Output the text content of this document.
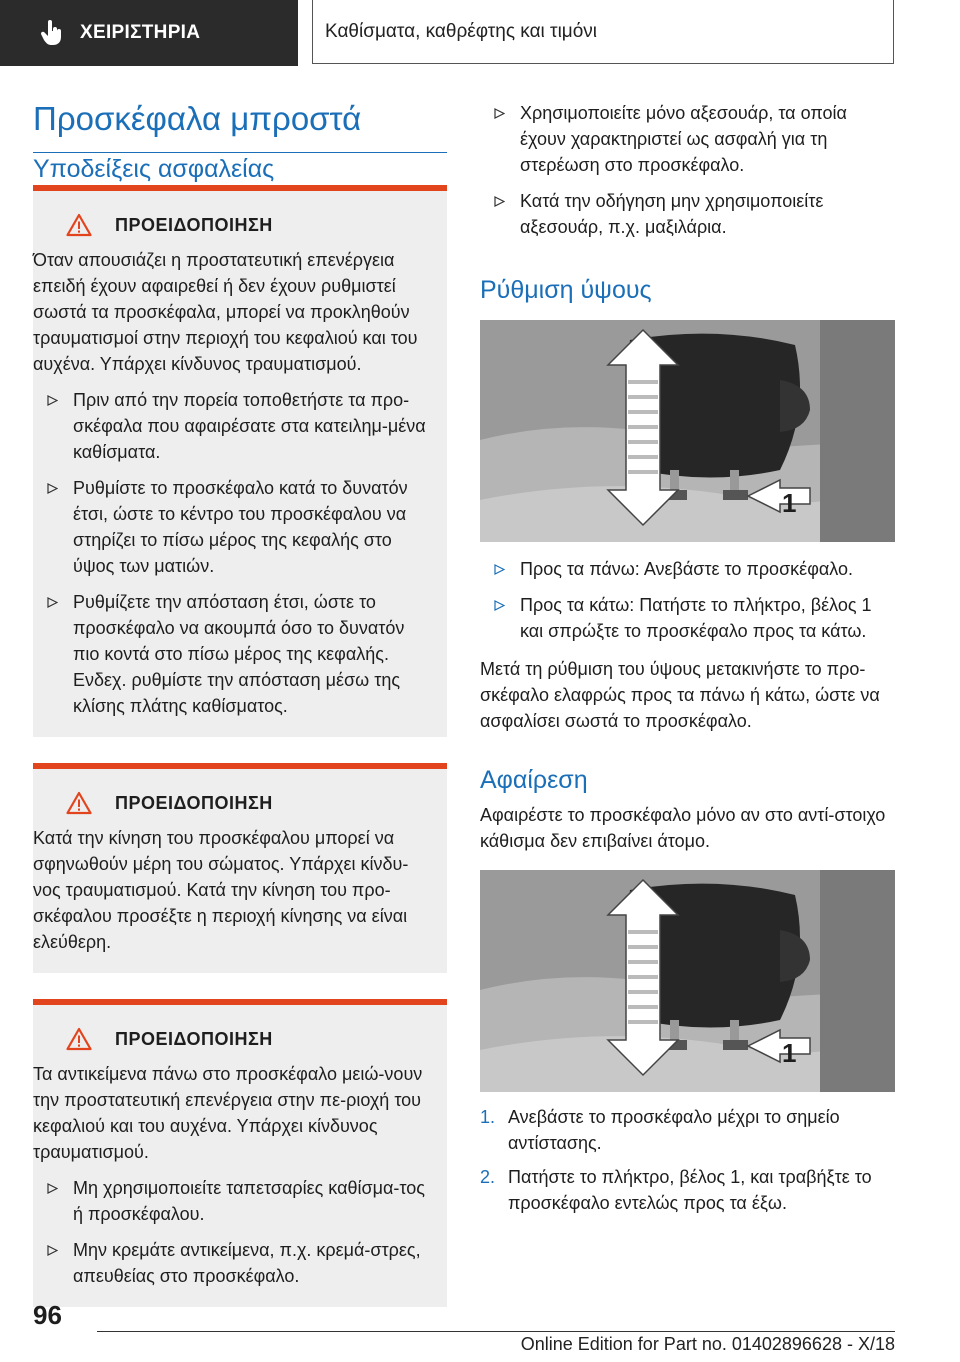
ΧΕΙΡΙΣΤΗΡΙΑ	Καθίσματα, καθρέφτης και τιμόνι
Προσκέφαλα μπροστά
Υποδείξεις ασφαλείας
ΠΡΟΕΙΔΟΠΟΙΗΣΗ

Όταν απουσιάζει η προστατευτική επενέργεια επειδή έχουν αφαιρεθεί ή δεν έχουν ρυθμιστεί σωστά τα προσκέφαλα, μπορεί να προκληθούν τραυματισμοί στην περιοχή του κεφαλιού και του αυχένα. Υπάρχει κίνδυνος τραυματισμού.

Πριν από την πορεία τοποθετήστε τα προ-σκέφαλα που αφαιρέσατε στα κατειλημ-μένα καθίσματα.
Ρυθμίστε το προσκέφαλο κατά το δυνατόν έτσι, ώστε το κέντρο του προσκέφαλου να στηρίζει το πίσω μέρος της κεφαλής στο ύψος των ματιών.
Ρυθμίζετε την απόσταση έτσι, ώστε το προσκέφαλο να ακουμπά όσο το δυνατόν πιο κοντά στο πίσω μέρος της κεφαλής. Ενδεχ. ρυθμίστε την απόσταση μέσω της κλίσης πλάτης καθίσματος.
ΠΡΟΕΙΔΟΠΟΙΗΣΗ

Κατά την κίνηση του προσκέφαλου μπορεί να σφηνωθούν μέρη του σώματος. Υπάρχει κίνδυ-νος τραυματισμού. Κατά την κίνηση του προ-σκέφαλου προσέξτε η περιοχή κίνησης να είναι ελεύθερη.

ΠΡΟΕΙΔΟΠΟΙΗΣΗ

Τα αντικείμενα πάνω στο προσκέφαλο μειώ-νουν την προστατευτική επενέργεια στην πε-ριοχή του κεφαλιού και του αυχένα. Υπάρχει κίνδυνος τραυματισμού.

Μη χρησιμοποιείτε ταπετσαρίες καθίσμα-τος ή προσκέφαλου.
Μην κρεμάτε αντικείμενα, π.χ. κρεμά-στρες, απευθείας στο προσκέφαλο.
Χρησιμοποιείτε μόνο αξεσουάρ, τα οποία έχουν χαρακτηριστεί ως ασφαλή για τη στερέωση στο προσκέφαλο.
Κατά την οδήγηση μην χρησιμοποιείτε αξεσουάρ, π.χ. μαξιλάρια.
Ρύθμιση ύψους
1
Προς τα πάνω: Ανεβάστε το προσκέφαλο.
Προς τα κάτω: Πατήστε το πλήκτρο, βέλος 1 και σπρώξτε το προσκέφαλο προς τα κάτω.

Μετά τη ρύθμιση του ύψους μετακινήστε το προ-σκέφαλο ελαφρώς προς τα πάνω ή κάτω, ώστε να ασφαλίσει σωστά το προσκέφαλο.

Αφαίρεση

Αφαιρέστε το προσκέφαλο μόνο αν στο αντί-στοιχο κάθισμα δεν επιβαίνει άτομο.

1
1. Ανεβάστε το προσκέφαλο μέχρι το σημείο αντίστασης.
2. Πατήστε το πλήκτρο, βέλος 1, και τραβήξτε το προσκέφαλο εντελώς προς τα έξω.
96
Online Edition for Part no. 01402896628 - X/18
